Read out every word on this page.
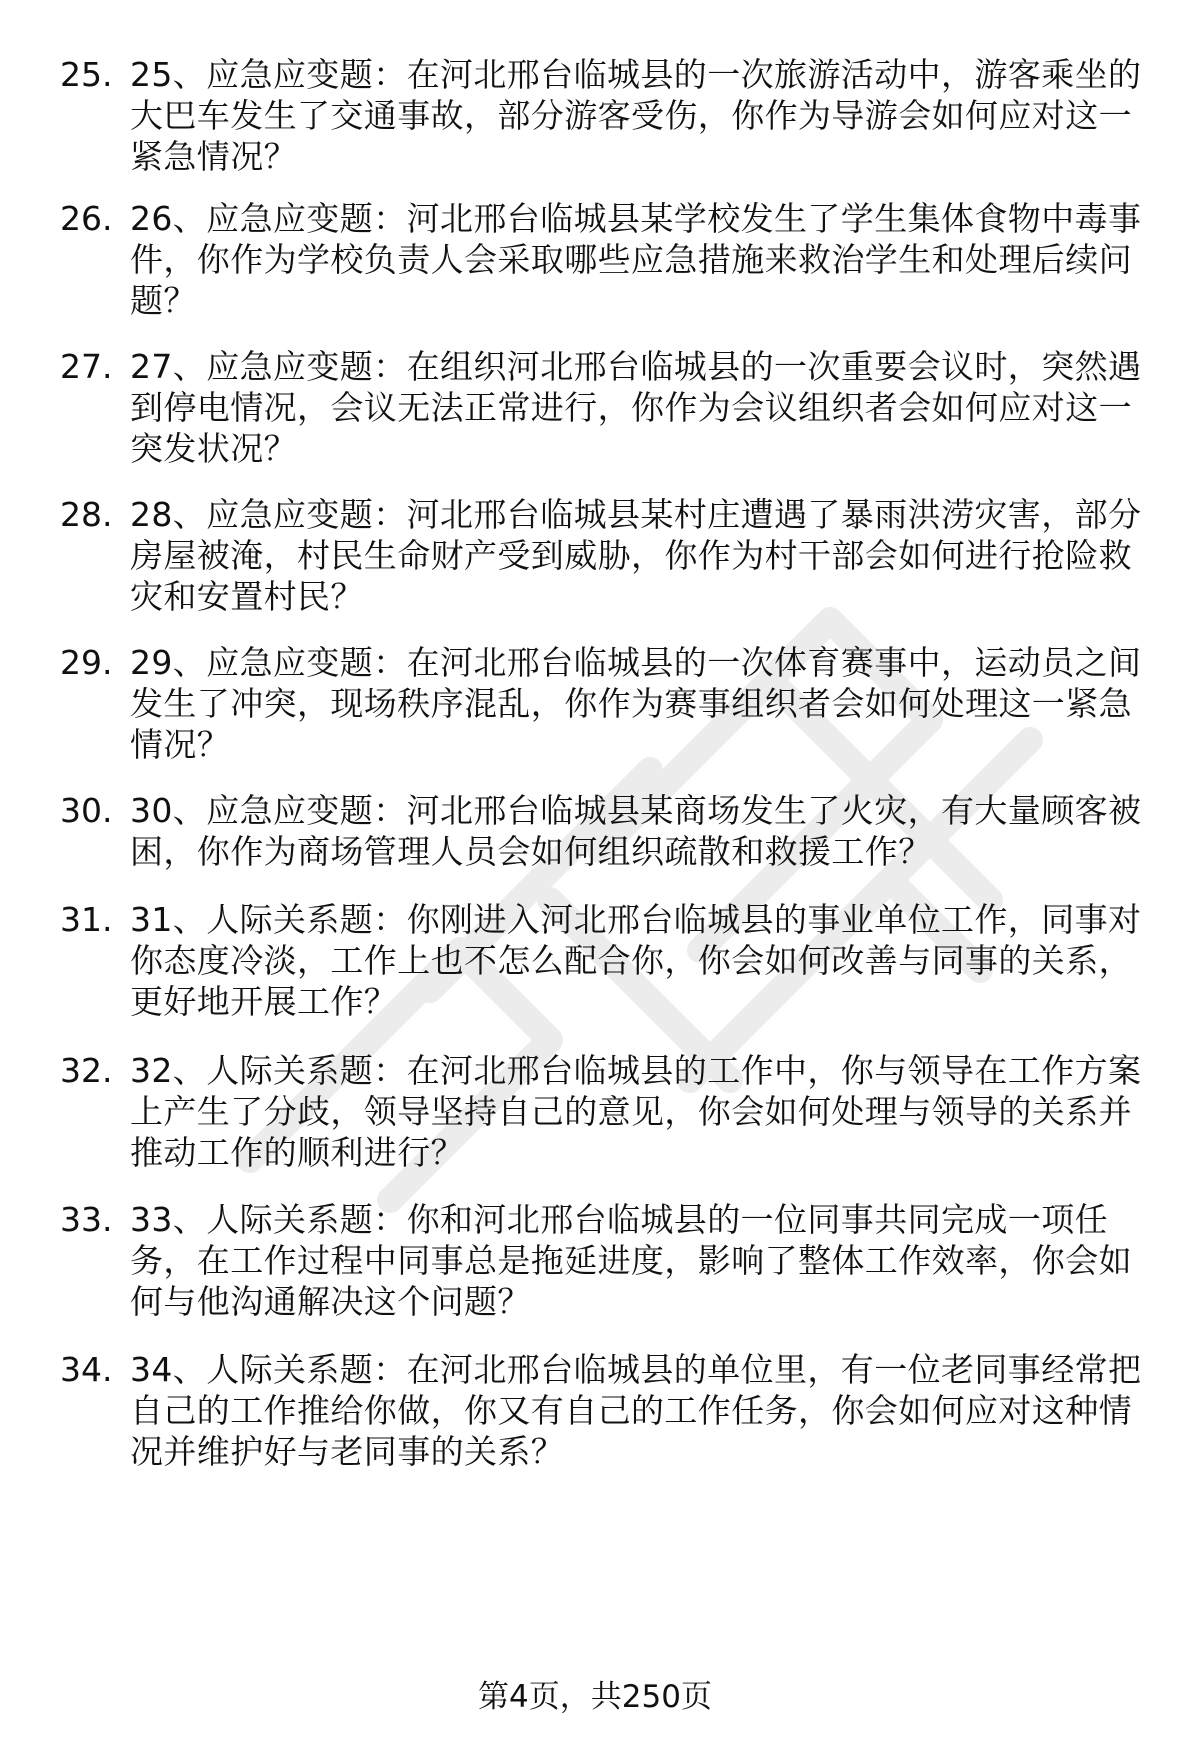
25. 25、应急应变题：在河北邢台临城县的一次旅游活动中，游客乘坐的大巴车发生了交通事故，部分游客受伤，你作为导游会如何应对这一紧急情况？
26. 26、应急应变题：河北邢台临城县某学校发生了学生集体食物中毒事件，你作为学校负责人会采取哪些应急措施来救治学生和处理后续问题？
27. 27、应急应变题：在组织河北邢台临城县的一次重要会议时，突然遇到停电情况，会议无法正常进行，你作为会议组织者会如何应对这一突发状况？
28. 28、应急应变题：河北邢台临城县某村庄遭遇了暴雨洪涝灾害，部分房屋被淹，村民生命财产受到威胁，你作为村干部会如何进行抢险救灾和安置村民？
29. 29、应急应变题：在河北邢台临城县的一次体育赛事中，运动员之间发生了冲突，现场秩序混乱，你作为赛事组织者会如何处理这一紧急情况？
30. 30、应急应变题：河北邢台临城县某商场发生了火灾，有大量顾客被困，你作为商场管理人员会如何组织疏散和救援工作？
31. 31、人际关系题：你刚进入河北邢台临城县的事业单位工作，同事对你态度冷淡，工作上也不怎么配合你，你会如何改善与同事的关系，更好地开展工作？
32. 32、人际关系题：在河北邢台临城县的工作中，你与领导在工作方案上产生了分歧，领导坚持自己的意见，你会如何处理与领导的关系并推动工作的顺利进行？
33. 33、人际关系题：你和河北邢台临城县的一位同事共同完成一项任务，在工作过程中同事总是拖延进度，影响了整体工作效率，你会如何与他沟通解决这个问题？
34. 34、人际关系题：在河北邢台临城县的单位里，有一位老同事经常把自己的工作推给你做，你又有自己的工作任务，你会如何应对这种情况并维护好与老同事的关系？
第4页，共250页
